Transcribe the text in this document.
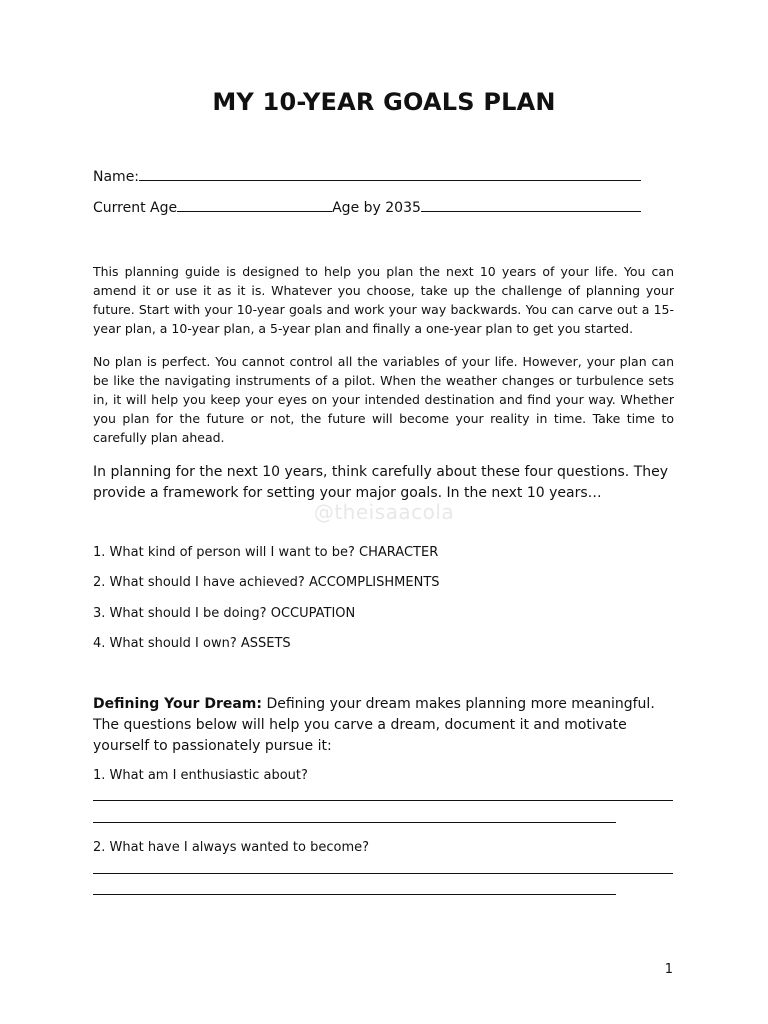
MY 10-YEAR GOALS PLAN
Name:
Current Age	Age by 2035

This planning guide is designed to help you plan the next 10 years of your life. You can amend it or use it as it is. Whatever you choose, take up the challenge of planning your future. Start with your 10-year goals and work your way backwards. You can carve out a 15-year plan, a 10-year plan, a 5-year plan and finally a one-year plan to get you started.

No plan is perfect. You cannot control all the variables of your life. However, your plan can be like the navigating instruments of a pilot. When the weather changes or turbulence sets in, it will help you keep your eyes on your intended destination and find your way. Whether you plan for the future or not, the future will become your reality in time. Take time to carefully plan ahead.

In planning for the next 10 years, think carefully about these four questions. They provide a framework for setting your major goals. In the next 10 years…

@theisaacola
1. What kind of person will I want to be? CHARACTER
2. What should I have achieved? ACCOMPLISHMENTS
3. What should I be doing? OCCUPATION
4. What should I own? ASSETS

Defining Your Dream: Defining your dream makes planning more meaningful. The questions below will help you carve a dream, document it and motivate yourself to passionately pursue it:

1. What am I enthusiastic about?
2. What have I always wanted to become?
1
